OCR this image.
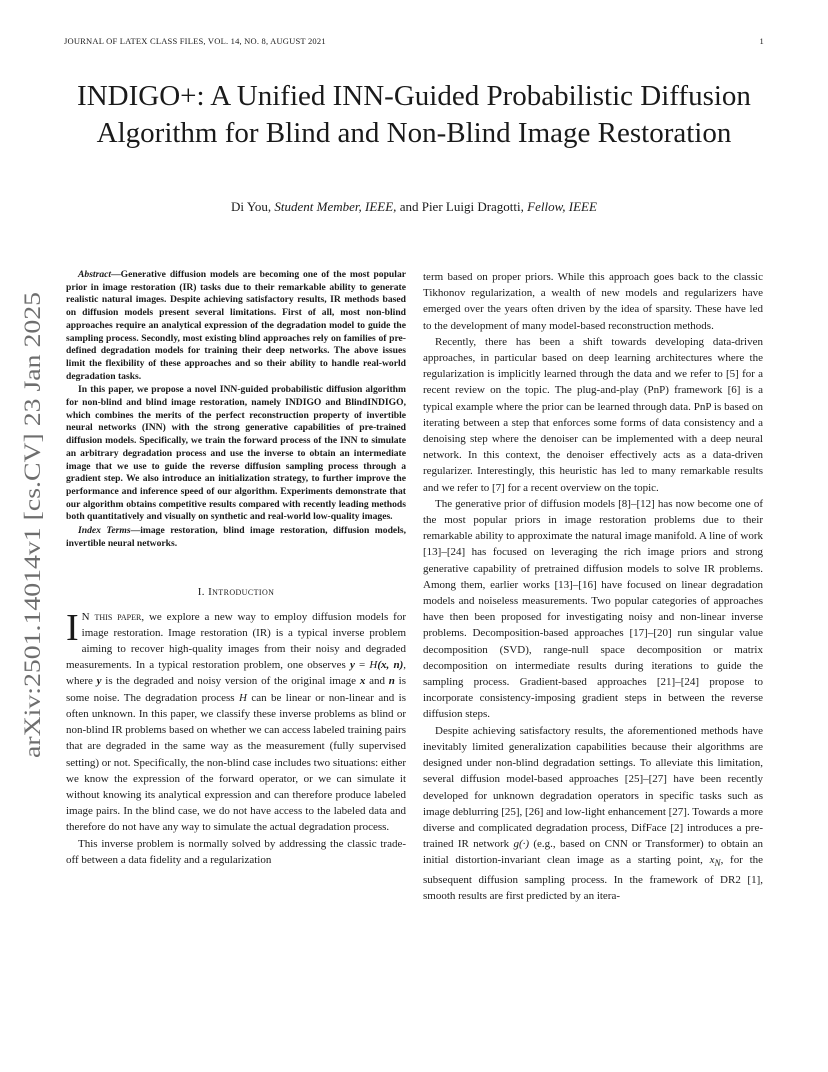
JOURNAL OF LATEX CLASS FILES, VOL. 14, NO. 8, AUGUST 2021	1
arXiv:2501.14014v1 [cs.CV] 23 Jan 2025
INDIGO+: A Unified INN-Guided Probabilistic Diffusion Algorithm for Blind and Non-Blind Image Restoration
Di You, Student Member, IEEE, and Pier Luigi Dragotti, Fellow, IEEE

Abstract—Generative diffusion models are becoming one of the most popular prior in image restoration (IR) tasks due to their remarkable ability to generate realistic natural images. Despite achieving satisfactory results, IR methods based on diffusion models present several limitations. First of all, most non-blind approaches require an analytical expression of the degradation model to guide the sampling process. Secondly, most existing blind approaches rely on families of pre-defined degradation models for training their deep networks. The above issues limit the flexibility of these approaches and so their ability to handle real-world degradation tasks.

In this paper, we propose a novel INN-guided probabilistic diffusion algorithm for non-blind and blind image restoration, namely INDIGO and BlindINDIGO, which combines the merits of the perfect reconstruction property of invertible neural networks (INN) with the strong generative capabilities of pre-trained diffusion models. Specifically, we train the forward process of the INN to simulate an arbitrary degradation process and use the inverse to obtain an intermediate image that we use to guide the reverse diffusion sampling process through a gradient step. We also introduce an initialization strategy, to further improve the performance and inference speed of our algorithm. Experiments demonstrate that our algorithm obtains competitive results compared with recently leading methods both quantitatively and visually on synthetic and real-world low-quality images.

Index Terms—image restoration, blind image restoration, diffusion models, invertible neural networks.

I. Introduction

I N this paper, we explore a new way to employ diffusion models for image restoration. Image restoration (IR) is a typical inverse problem aiming to recover high-quality images from their noisy and degraded measurements. In a typical restoration problem, one observes y = H(x, n), where y is the degraded and noisy version of the original image x and n is some noise. The degradation process H can be linear or non-linear and is often unknown. In this paper, we classify these inverse problems as blind or non-blind IR problems based on whether we can access labeled training pairs that are degraded in the same way as the measurement (fully supervised setting) or not. Specifically, the non-blind case includes two situations: either we know the expression of the forward operator, or we can simulate it without knowing its analytical expression and can therefore produce labeled image pairs. In the blind case, we do not have access to the labeled data and therefore do not have any way to simulate the actual degradation process.

This inverse problem is normally solved by addressing the classic trade-off between a data fidelity and a regularization

term based on proper priors. While this approach goes back to the classic Tikhonov regularization, a wealth of new models and regularizers have emerged over the years often driven by the idea of sparsity. These have led to the development of many model-based reconstruction methods.

Recently, there has been a shift towards developing data-driven approaches, in particular based on deep learning architectures where the regularization is implicitly learned through the data and we refer to [5] for a recent review on the topic. The plug-and-play (PnP) framework [6] is a typical example where the prior can be learned through data. PnP is based on iterating between a step that enforces some forms of data consistency and a denoising step where the denoiser can be implemented with a deep neural network. In this context, the denoiser effectively acts as a data-driven regularizer. Interestingly, this heuristic has led to many remarkable results and we refer to [7] for a recent overview on the topic.

The generative prior of diffusion models [8]–[12] has now become one of the most popular priors in image restoration problems due to their remarkable ability to approximate the natural image manifold. A line of work [13]–[24] has focused on leveraging the rich image priors and strong generative capability of pretrained diffusion models to solve IR problems. Among them, earlier works [13]–[16] have focused on linear degradation models and noiseless measurements. Two popular categories of approaches have then been proposed for investigating noisy and non-linear inverse problems. Decomposition-based approaches [17]–[20] run singular value decomposition (SVD), range-null space decomposition or matrix decomposition on intermediate results during iterations to guide the sampling process. Gradient-based approaches [21]–[24] propose to incorporate consistency-imposing gradient steps in between the reverse diffusion steps.

Despite achieving satisfactory results, the aforementioned methods have inevitably limited generalization capabilities because their algorithms are designed under non-blind degradation settings. To alleviate this limitation, several diffusion model-based approaches [25]–[27] have been recently developed for unknown degradation operators in specific tasks such as image deblurring [25], [26] and low-light enhancement [27]. Towards a more diverse and complicated degradation process, DifFace [2] introduces a pre-trained IR network g(·) (e.g., based on CNN or Transformer) to obtain an initial distortion-invariant clean image as a starting point, $x_N$, for the subsequent diffusion sampling process. In the framework of DR2 [1], smooth results are first predicted by an itera-
